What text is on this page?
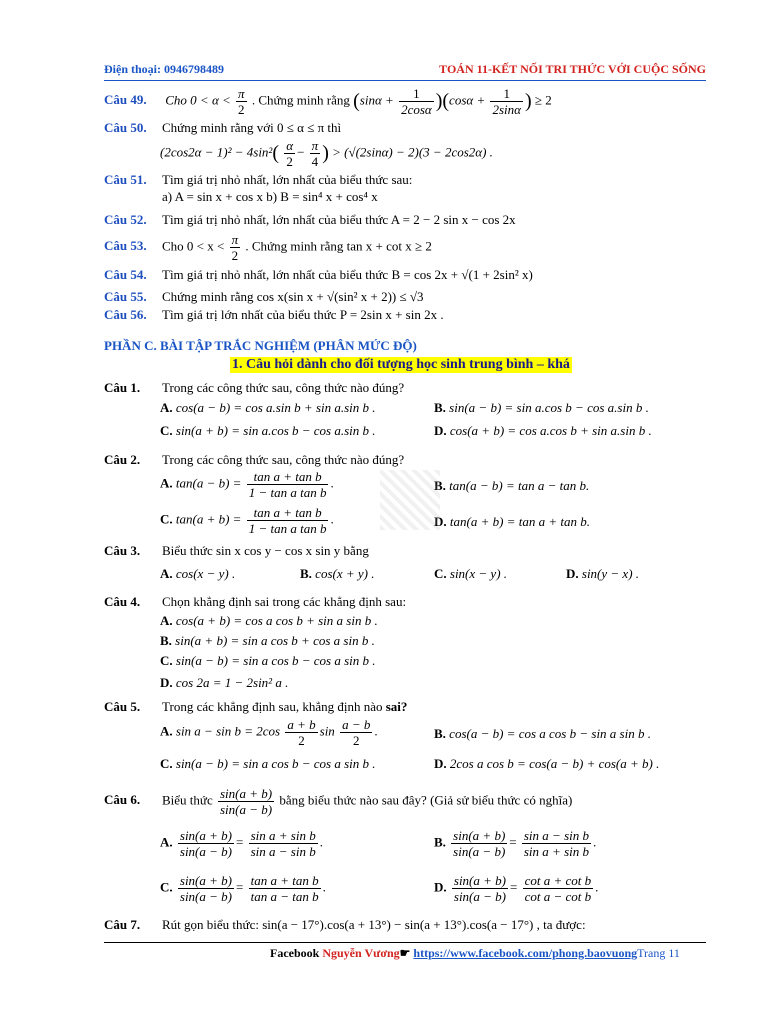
Điện thoại: 0946798489	TOÁN 11-KẾT NỐI TRI THỨC VỚI CUỘC SỐNG
Câu 49. Cho $0 < \alpha < \frac{\pi}{2}$ . Chứng minh rằng $(\sin\alpha + \frac{1}{2\cos\alpha} )(\cos\alpha + \frac{1}{2\sin\alpha}$ ) ≥ 2
Câu 50. Chứng minh rằng với 0 ≤ α ≤ π thì
$(2\cos 2\alpha - 1)^2 - 4\sin^2( \frac{\alpha}{2} - \frac{\pi}{4}$ ) > (√(2sinα) − 2)(3 − 2cos2α) .
Câu 51. Tìm giá trị nhỏ nhất, lớn nhất của biểu thức sau:
a) A = sin x + cos x b) B = sin⁴ x + cos⁴ x
Câu 52. Tìm giá trị nhỏ nhất, lớn nhất của biểu thức A = 2 − 2 sin x − cos 2x
Câu 53. Cho $0 < x < \frac{\pi}{2}$ . Chứng minh rằng tan x + cot x ≥ 2
Câu 54. Tìm giá trị nhỏ nhất, lớn nhất của biểu thức B = cos 2x + √(1 + 2sin² x)
Câu 55. Chứng minh rằng cos x(sin x + √(sin² x + 2)) ≤ √3
Câu 56. Tìm giá trị lớn nhất của biểu thức P = 2sin x + sin 2x .
PHẦN C. BÀI TẬP TRẮC NGHIỆM (PHÂN MỨC ĐỘ)
1. Câu hỏi dành cho đối tượng học sinh trung bình – khá
Câu 1. Trong các công thức sau, công thức nào đúng?
A. cos(a − b) = cos a.sin b + sin a.sin b .	B. sin(a − b) = sin a.cos b − cos a.sin b .
C. sin(a + b) = sin a.cos b − cos a.sin b .	D. cos(a + b) = cos a.cos b + sin a.sin b .
Câu 2. Trong các công thức sau, công thức nào đúng?
A. $\tan(a - b) = \frac{\text{tan a + tan b}}{\text{1 − tan a tan b}}$ .	B. tan(a − b) = tan a − tan b.
C. $\tan(a + b) = \frac{\text{tan a + tan b}}{\text{1 − tan a tan b}}$ .	D. tan(a + b) = tan a + tan b.
Câu 3. Biểu thức sin x cos y − cos x sin y bằng
A. cos(x − y) .	B. cos(x + y) .	C. sin(x − y) .	D. sin(y − x) .
Câu 4. Chọn khẳng định sai trong các khẳng định sau:
A. cos(a + b) = cos a cos b + sin a sin b .
B. sin(a + b) = sin a cos b + cos a sin b .
C. sin(a − b) = sin a cos b − cos a sin b .
D. cos 2a = 1 − 2sin² a .
Câu 5. Trong các khẳng định sau, khẳng định nào sai?
A. $\sin a - \sin b = 2\cos \frac{a + b}{2}$ $\sin \frac{a - b}{2}$ .	B. cos(a − b) = cos a cos b − sin a sin b .
C. sin(a − b) = sin a cos b − cos a sin b .	D. 2cos a cos b = cos(a − b) + cos(a + b) .
Câu 6. Biểu thức $\frac{\sin(a + b)}{\sin(a - b)}$ bằng biểu thức nào sau đây? (Giả sử biểu thức có nghĩa)
A. $\frac{\sin(a + b)}{\sin(a - b)} = \frac{\text{sin a + sin b}}{\text{sin a − sin b}}$ .	B. $\frac{\sin(a + b)}{\sin(a - b)} = \frac{\text{sin a − sin b}}{\text{sin a + sin b}}$ .
C. $\frac{\sin(a + b)}{\sin(a - b)} = \frac{\text{tan a + tan b}}{\text{tan a − tan b}}$ .	D. $\frac{\sin(a + b)}{\sin(a - b)} = \frac{\text{cot a + cot b}}{\text{cot a − cot b}}$ .
Câu 7. Rút gọn biểu thức: sin(a − 17°).cos(a + 13°) − sin(a + 13°).cos(a − 17°) , ta được:
Facebook Nguyễn Vương☛ https://www.facebook.com/phong.baovuongTrang 11
